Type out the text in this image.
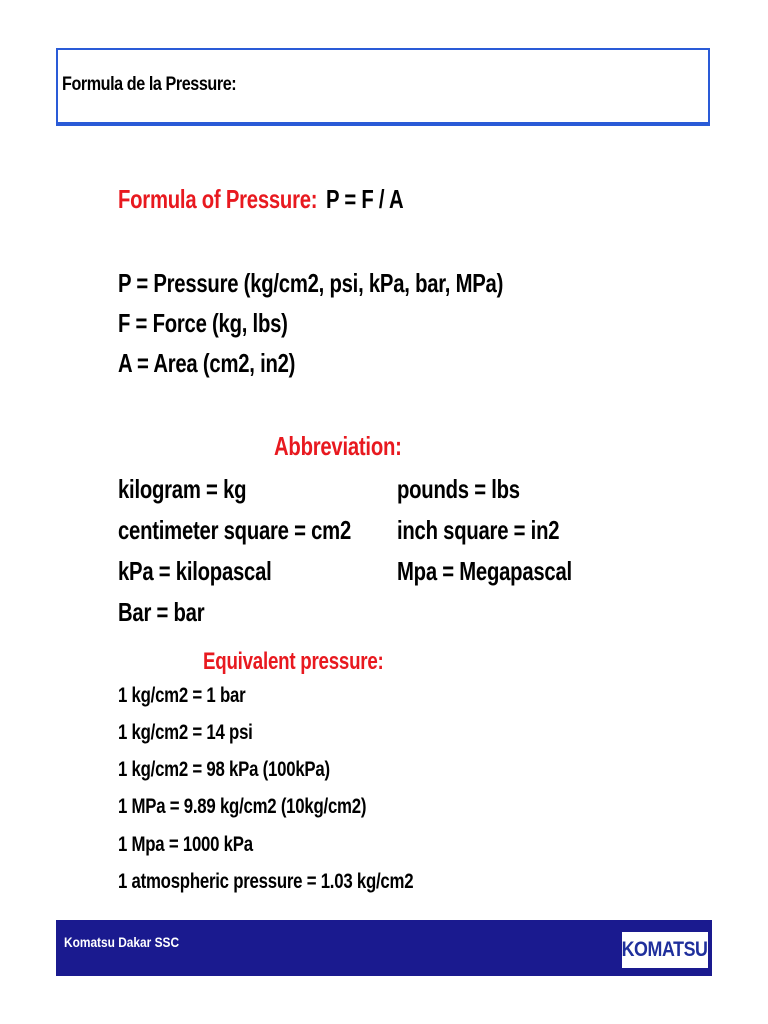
Formula de la Pressure:
Formula of Pressure: P = F / A
P = Pressure (kg/cm2, psi, kPa, bar, MPa)
F = Force (kg, lbs)
A = Area (cm2, in2)
Abbreviation:
kilogram = kg
centimeter square = cm2
kPa = kilopascal
Bar = bar
pounds = lbs
inch square = in2
Mpa = Megapascal
Equivalent pressure:
1 kg/cm2 = 1 bar
1 kg/cm2 = 14 psi
1 kg/cm2 = 98 kPa (100kPa)
1 MPa = 9.89 kg/cm2 (10kg/cm2)
1 Mpa = 1000 kPa
1 atmospheric pressure = 1.03 kg/cm2
Komatsu Dakar SSC	KOMATSU
